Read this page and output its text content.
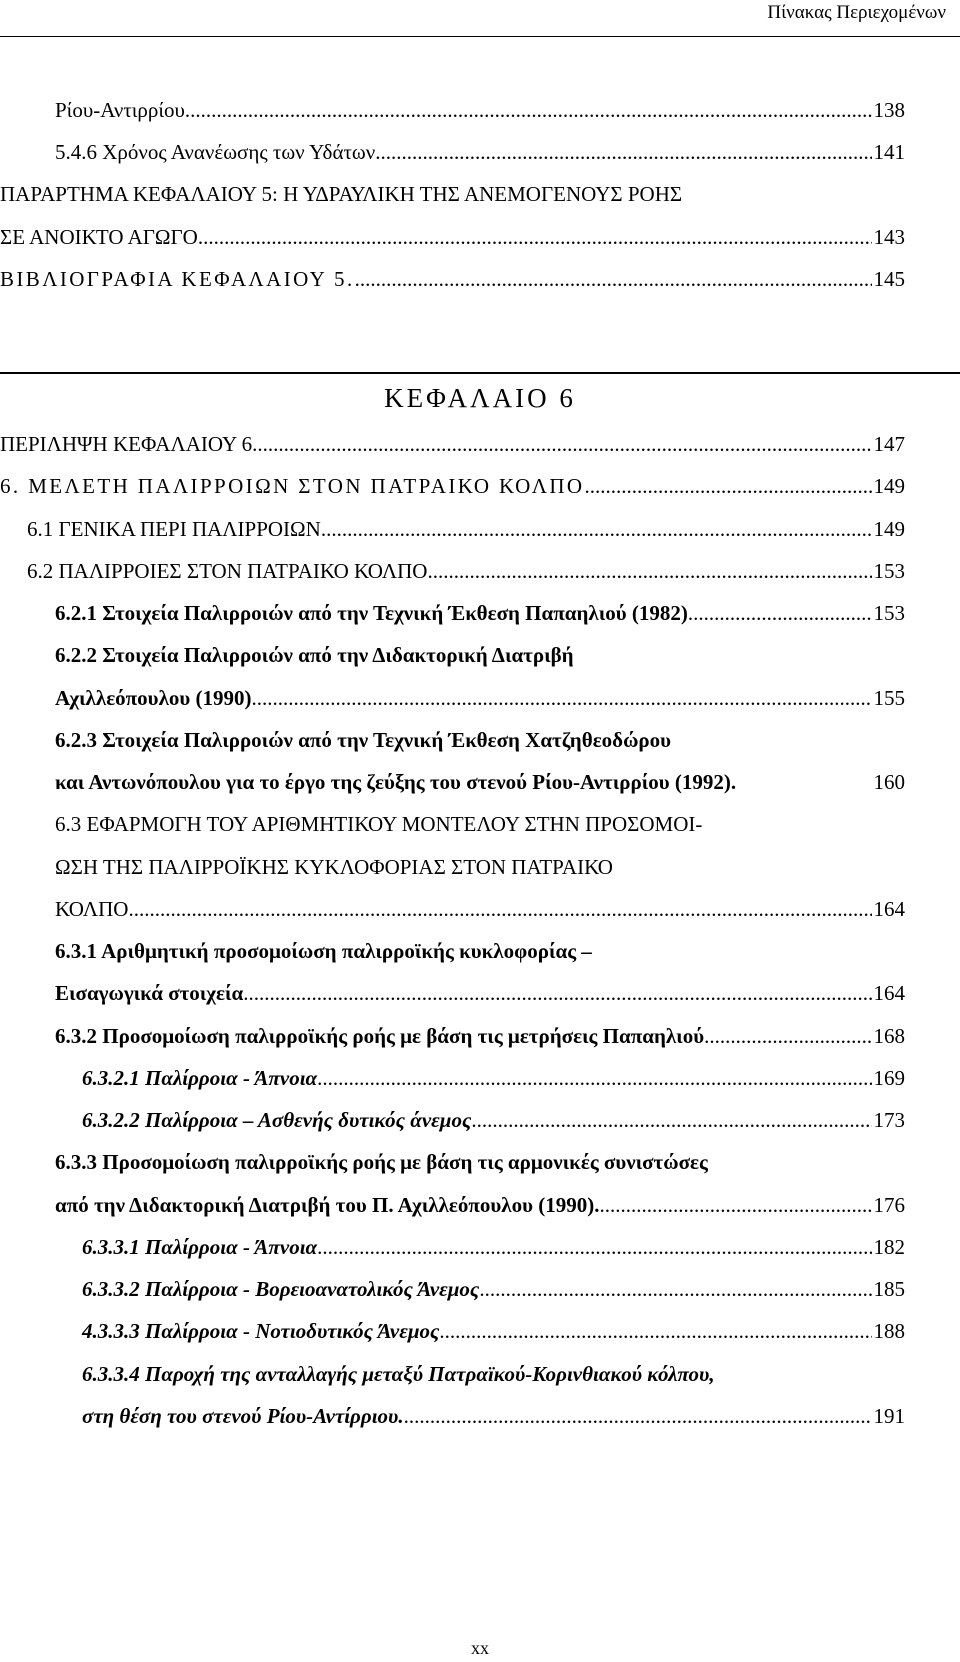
Πίνακας Περιεχομένων
Ρίου-Αντιρρίου. .....	138
5.4.6 Χρόνος Ανανέωσης των Υδάτων .....	141
ΠΑΡΑΡΤΗΜΑ ΚΕΦΑΛΑΙΟΥ 5: Η ΥΔΡΑΥΛΙΚΗ ΤΗΣ ΑΝΕΜΟΓΕΝΟΥΣ ΡΟΗΣ
ΣΕ ΑΝΟΙΚΤΟ ΑΓΩΓΟ .....	143
ΒΙΒΛΙΟΓΡΑΦΙΑ ΚΕΦΑΛΑΙΟΥ 5. .....	145
ΚΕΦΑΛΑΙΟ 6
ΠΕΡΙΛΗΨΗ ΚΕΦΑΛΑΙΟΥ 6. .....	147
6. ΜΕΛΕΤΗ ΠΑΛΙΡΡΟΙΩΝ ΣΤΟΝ ΠΑΤΡΑΙΚΟ ΚΟΛΠΟ .....	149
6.1 ΓΕΝΙΚΑ ΠΕΡΙ ΠΑΛΙΡΡΟΙΩΝ .....	149
6.2 ΠΑΛΙΡΡΟΙΕΣ ΣΤΟΝ ΠΑΤΡΑΙΚΟ ΚΟΛΠΟ .....	153
6.2.1 Στοιχεία Παλιρροιών από την Τεχνική Έκθεση Παπαηλιού (1982) .....	153
6.2.2 Στοιχεία Παλιρροιών από την Διδακτορική Διατριβή
Αχιλλεόπουλου (1990) .....	155
6.2.3 Στοιχεία Παλιρροιών από την Τεχνική Έκθεση Χατζηθεοδώρου
και Αντωνόπουλου για το έργο της ζεύξης του στενού Ρίου-Αντιρρίου (1992).	160
6.3 ΕΦΑΡΜΟΓΗ ΤΟΥ ΑΡΙΘΜΗΤΙΚΟΥ ΜΟΝΤΕΛΟΥ ΣΤΗΝ ΠΡΟΣΟΜΟΙ-
ΩΣΗ ΤΗΣ ΠΑΛΙΡΡΟΪΚΗΣ ΚΥΚΛΟΦΟΡΙΑΣ ΣΤΟΝ ΠΑΤΡΑΙΚΟ
ΚΟΛΠΟ .....	164
6.3.1 Αριθμητική προσομοίωση παλιρροϊκής κυκλοφορίας –
Εισαγωγικά στοιχεία .....	164
6.3.2 Προσομοίωση παλιρροϊκής ροής με βάση τις μετρήσεις Παπαηλιού .....	168
6.3.2.1 Παλίρροια - Άπνοια .....	169
6.3.2.2 Παλίρροια – Ασθενής δυτικός άνεμος .....	173
6.3.3 Προσομοίωση παλιρροϊκής ροής με βάση τις αρμονικές συνιστώσες
από την Διδακτορική Διατριβή του Π. Αχιλλεόπουλου (1990). .....	176
6.3.3.1 Παλίρροια - Άπνοια .....	182
6.3.3.2 Παλίρροια - Βορειοανατολικός Άνεμος .....	185
4.3.3.3 Παλίρροια - Νοτιοδυτικός Άνεμος .....	188
6.3.3.4 Παροχή της ανταλλαγής μεταξύ Πατραϊκού-Κορινθιακού κόλπου,
στη θέση του στενού Ρίου-Αντίρριου. .....	191
xx
